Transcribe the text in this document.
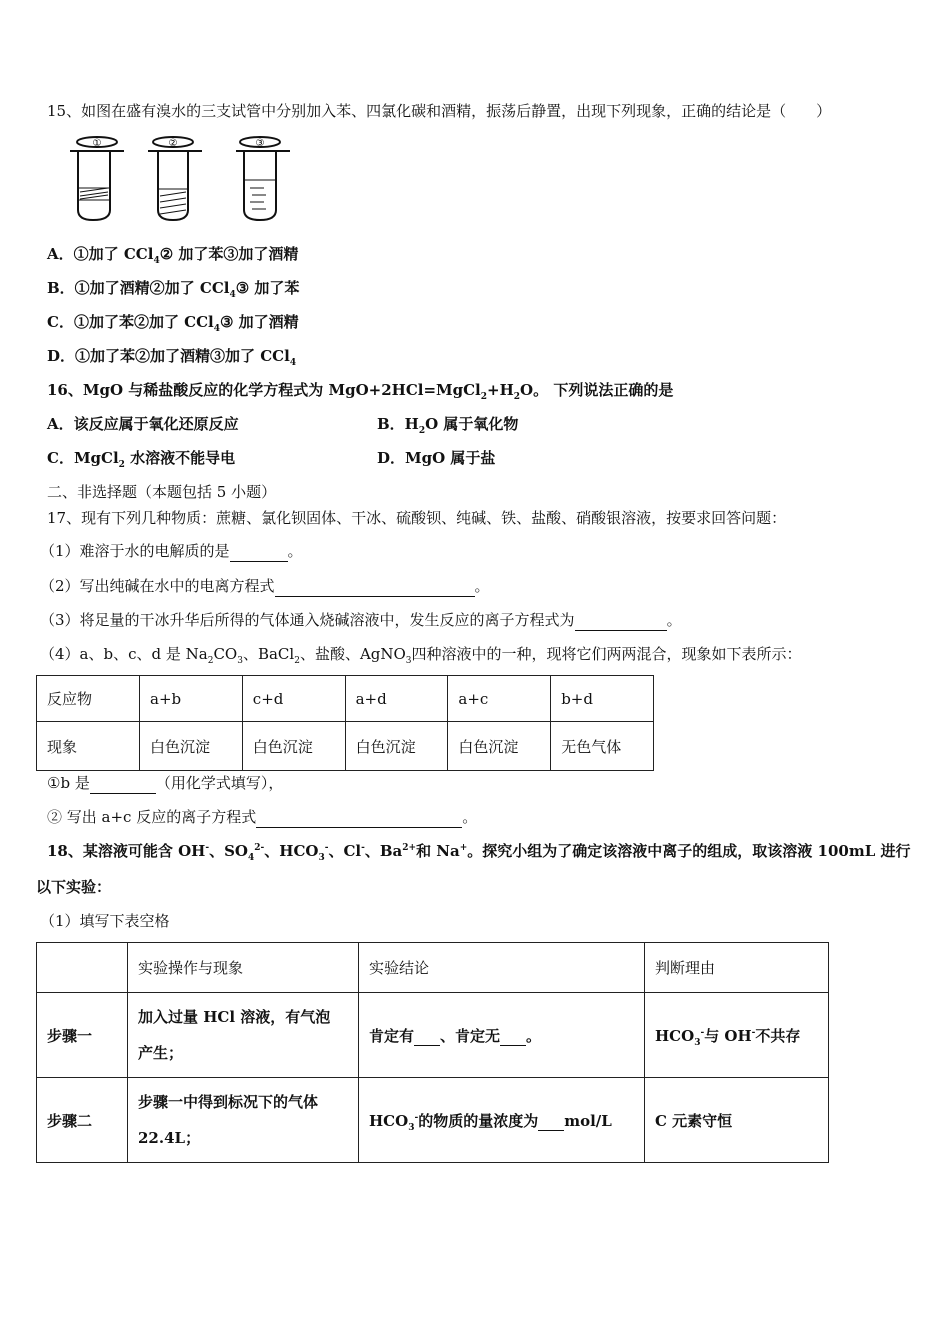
15、如图在盛有溴水的三支试管中分别加入苯、四氯化碳和酒精，振荡后静置，出现下列现象，正确的结论是（　　）
①	②	③
A．①加了 CCl$_4$② 加了苯③加了酒精
B．①加了酒精②加了 CCl$_4$③ 加了苯
C．①加了苯②加了 CCl$_4$③ 加了酒精
D．①加了苯②加了酒精③加了 CCl$_4$
16、MgO 与稀盐酸反应的化学方程式为 $MgO+2HCl=MgCl_2+H_2O$。 下列说法正确的是
A．该反应属于氧化还原反应	B．$H_2O$ 属于氧化物
C．MgCl$_2$ 水溶液不能导电	D．MgO 属于盐
二、非选择题（本题包括 5 小题）
17、现有下列几种物质：蔗糖、氯化钡固体、干冰、硫酸钡、纯碱、铁、盐酸、硝酸银溶液，按要求回答问题：
（1）难溶于水的电解质的是	。
（2）写出纯碱在水中的电离方程式	。
（3）将足量的干冰升华后所得的气体通入烧碱溶液中，发生反应的离子方程式为	。
（4）a、b、c、d 是 $Na_2CO_3$、BaCl$_2$、盐酸、AgNO$_3$四种溶液中的一种，现将它们两两混合，现象如下表所示：
反应物	a+b	c+d	a+d	a+c	b+d
现象	白色沉淀	白色沉淀	白色沉淀	白色沉淀	无色气体
①b 是	（用化学式填写），
② 写出 a+c 反应的离子方程式	。
18、某溶液可能含 OH-、$SO_4^{2-}$、$HCO_3^-$、Cl-、$Ba^{2+}$和 Na+。探究小组为了确定该溶液中离子的组成，取该溶液 100mL 进行
以下实验：
（1）填写下表空格
	实验操作与现象	实验结论	判断理由
步骤一	加入过量 HCl 溶液，有气泡
产生；	肯定有 、肯定无 。	$HCO_3^-$与 OH-不共存
步骤二	步骤一中得到标况下的气体
22.4L；	$HCO_3^-$的物质的量浓度为 mol/L	C 元素守恒
